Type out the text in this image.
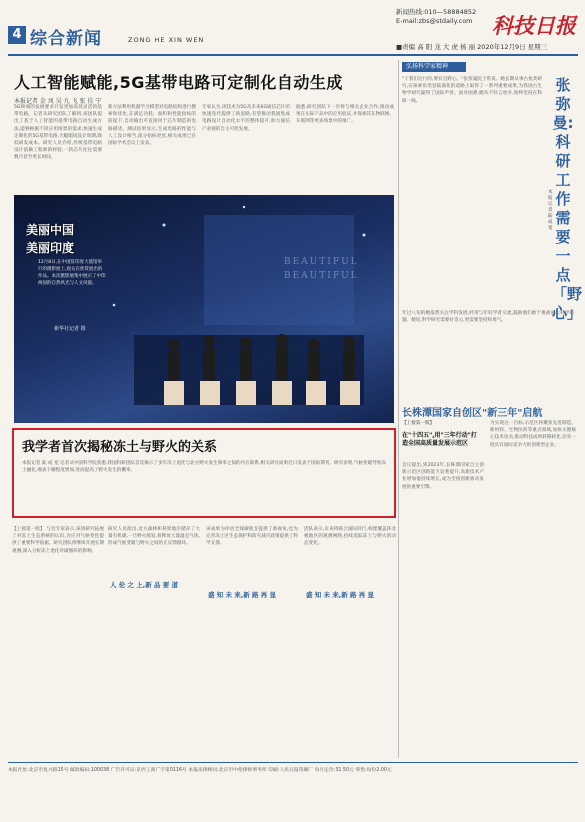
4 综合新闻	ZONG HE XIN WEN
新闻热线:010—58884852
E-mail:zbs@stdaily.com 科技日报
■责编 高 阳 龙 大 虎 杨 丽 2020年12月9日 星期三
人工智能赋能,5G基带电路可定制化自动生成
本报记者 金 凤 吴 九 飞 张 佳 宁
5G终端的发展要求开发更加高效灵活的基带电路。记者从研究团队了解到,该团队提出了基于人工智能的基带电路自动生成方法,能够根据不同应用场景的需求,快速生成定制化的5G基带电路,大幅缩短设计周期,降低研发成本。研究人员介绍,传统基带电路设计依赖工程师的经验,一款芯片往往需要数月甚至更长时间。
新方法利用机器学习模型对电路结构进行搜索和优化,在满足功耗、面积和性能指标的前提下,自动输出可直接用于芯片制造的电路描述。测试结果显示,生成电路的性能与人工设计相当,部分指标更优,相关成果已在国际学术会议上发表。
专家认为,该技术为5G及未来6G通信芯片的快速迭代提供了新思路,有望推动我国集成电路设计自动化水平的整体提升,助力通信产业链的自主可控发展。
据悉,研究团队下一步将与相关企业合作,推动成果在实际产品中的应用验证,并探索其在物联网、车联网等更多场景中的推广。
美丽中国
美丽印度
12月8日,在中国驻印度大使馆举行的摄影展上,观众在欣赏展出的作品。本次摄影展集中展示了中印两国的自然风光与人文风貌。
新华社记者 摄
BEAUTIFUL BEAUTIFUL
我学者首次揭秘冻土与野火的关系
本报记者 陆 成 宽 记者从中国科学院获悉,我国科研团队首次揭示了多年冻土退化与北方野火发生频率之间的内在联系,相关研究成果近日发表于国际期刊。研究表明,气候变暖导致冻土融化,地表干燥程度增加,进而提高了野火发生的概率。
【上接第一版】 与会专家表示,该项研究拓展了对冻土生态系统的认识,为应对气候变化提供了重要科学依据。研究团队将继续开展长期观测,深入分析冻土退化对碳循环的影响。
人 伦 之 上,新 品 要 道
研究人员指出,北方森林和苔原地区储存了大量有机碳,一旦野火频发,将释放大量温室气体,形成气候变暖与野火之间的正反馈循环。
盛 知 未 来,新 路 再 显
该成果为评估全球碳收支提供了新视角,也为完善冻土区生态保护和防灾减灾政策提供了科学支撑。
盛 知 未 来,新 路 再 显
团队表示,未来将联合国际同行,构建覆盖环北极地区的观测网络,持续追踪冻土与野火的动态变化。
弘扬科学家精神
张弥曼:科研工作需要一点「野心」
本报记者 陆成宽
"干我们这行的,要有点野心。"张弥曼院士常说。她长期从事古鱼类研究,在探索鱼类登陆演化的道路上取得了一系列重要成果,为我国古生物学研究赢得了国际声誉。面对困难,她从不轻言放弃,始终坚持在科研一线。
年过八旬的她依然关注学科发展,经常与年轻学者交流,鼓励他们敢于挑战重大科学问题。她说,科学研究需要好奇心,更需要坚持和勇气。
长株潭国家自创区"新三年"启航
【上接第一版】
在"十四五",用"三年行动"打造全国高质量发展示范区
会议提出,到2023年,长株潭国家自主创新示范区创新能力显著提升,高新技术产业增加值持续增长,成为全国创新驱动发展的重要引擎。
为实现这一目标,示范区将聚焦先进制造、新材料、生物医药等重点领域,加快关键核心技术攻关,推动科技成果转移转化,培育一批具有国际竞争力的创新型企业。
本报社址:北京市复兴路15号 邮政编码:100038 广告许可证:京西工商广字第0116号 本报法律顾问:北京市中伦律师事务所 印刷:人民日报印刷厂 每月定价:31.50元 零售:每份2.00元
